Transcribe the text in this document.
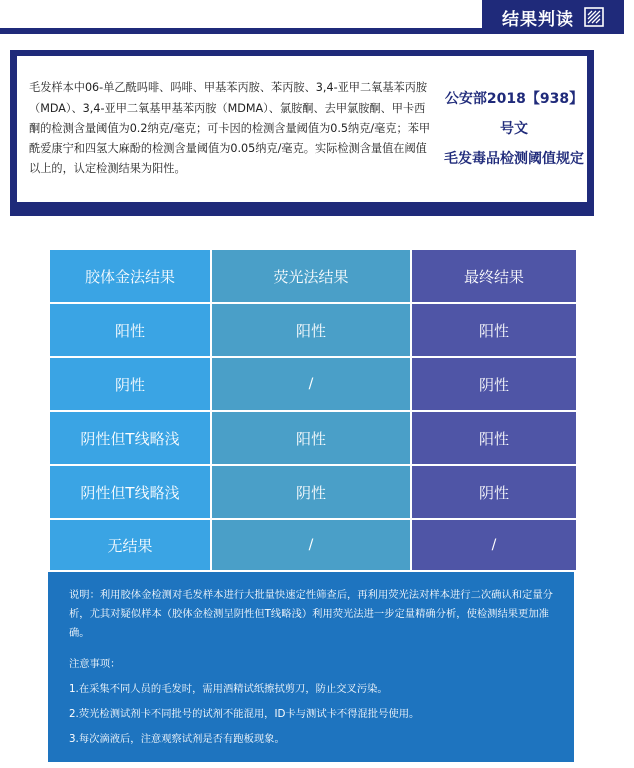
结果判读
毛发样本中06-单乙酰吗啡、吗啡、甲基苯丙胺、苯丙胺、3,4-亚甲二氧基苯丙胺（MDA）、3,4-亚甲二氧基甲基苯丙胺（MDMA）、氯胺酮、去甲氯胺酮、甲卡西酮的检测含量阈值为0.2纳克/毫克；可卡因的检测含量阈值为0.5纳克/毫克；苯甲酰爱康宁和四氢大麻酚的检测含量阈值为0.05纳克/毫克。实际检测含量值在阈值以上的，认定检测结果为阳性。
公安部2018【938】号文
毛发毒品检测阈值规定
胶体金法结果	荧光法结果	最终结果
阳性	阳性	阳性
阴性	/	阴性
阴性但T线略浅	阳性	阳性
阴性但T线略浅	阴性	阴性
无结果	/	/

说明：利用胶体金检测对毛发样本进行大批量快速定性筛查后，再利用荧光法对样本进行二次确认和定量分析，尤其对疑似样本（胶体金检测呈阴性但T线略浅）利用荧光法进一步定量精确分析，使检测结果更加准确。

注意事项：

1.在采集不同人员的毛发时，需用酒精试纸擦拭剪刀，防止交叉污染。

2.荧光检测试剂卡不同批号的试剂不能混用，ID卡与测试卡不得混批号使用。

3.每次滴液后，注意观察试剂是否有跑板现象。
